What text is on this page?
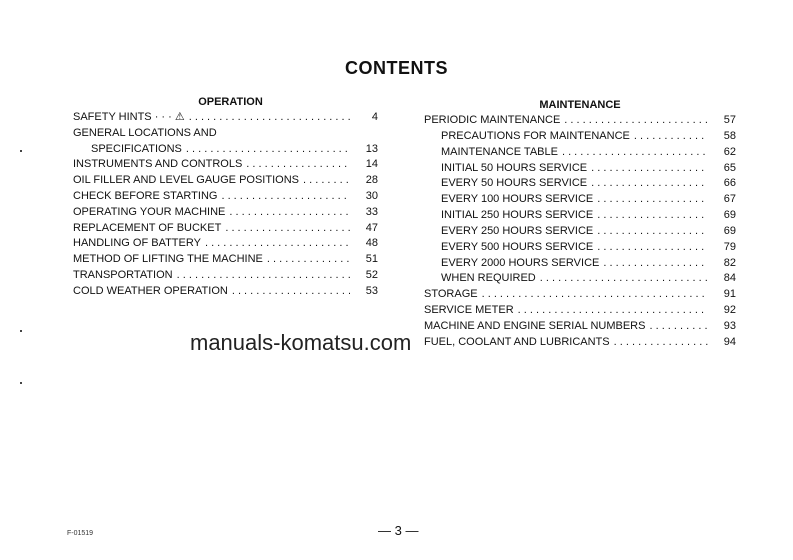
CONTENTS
OPERATION
SAFETY HINTS · · · ⚠ . . .	4
GENERAL LOCATIONS AND
SPECIFICATIONS . . .	13
INSTRUMENTS AND CONTROLS . . .	14
OIL FILLER AND LEVEL GAUGE POSITIONS . . .	28
CHECK BEFORE STARTING . . .	30
OPERATING YOUR MACHINE . . .	33
REPLACEMENT OF BUCKET . . .	47
HANDLING OF BATTERY . . .	48
METHOD OF LIFTING THE MACHINE . . .	51
TRANSPORTATION . . .	52
COLD WEATHER OPERATION . . .	53
MAINTENANCE
PERIODIC MAINTENANCE . . .	57
PRECAUTIONS FOR MAINTENANCE . . .	58
MAINTENANCE TABLE . . .	62
INITIAL 50 HOURS SERVICE . . .	65
EVERY 50 HOURS SERVICE . . .	66
EVERY 100 HOURS SERVICE . . .	67
INITIAL 250 HOURS SERVICE . . .	69
EVERY 250 HOURS SERVICE . . .	69
EVERY 500 HOURS SERVICE . . .	79
EVERY 2000 HOURS SERVICE . . .	82
WHEN REQUIRED . . .	84
STORAGE . . .	91
SERVICE METER . . .	92
MACHINE AND ENGINE SERIAL NUMBERS . . .	93
FUEL, COOLANT AND LUBRICANTS . . .	94
manuals-komatsu.com
F-01519	— 3 —
